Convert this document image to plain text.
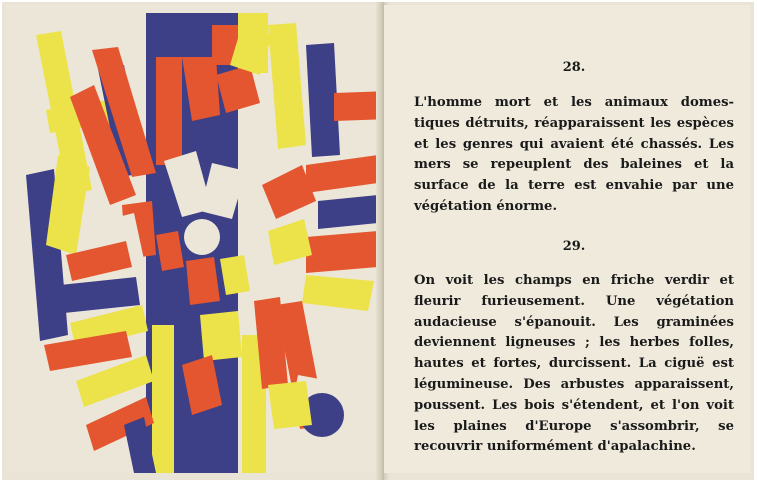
28.
L'homme mort et les animaux domes-
tiques détruits, réapparaissent les espèces
et les genres qui avaient été chassés. Les
mers se repeuplent des baleines et la
surface de la terre est envahie par une
végétation énorme.
29.
On voit les champs en friche verdir et
fleurir furieusement. Une végétation
audacieuse s'épanouit. Les graminées
deviennent ligneuses ; les herbes folles,
hautes et fortes, durcissent. La ciguë est
légumineuse. Des arbustes apparaissent,
poussent. Les bois s'étendent, et l'on voit
les plaines d'Europe s'assombrir, se
recouvrir uniformément d'apalachine.
